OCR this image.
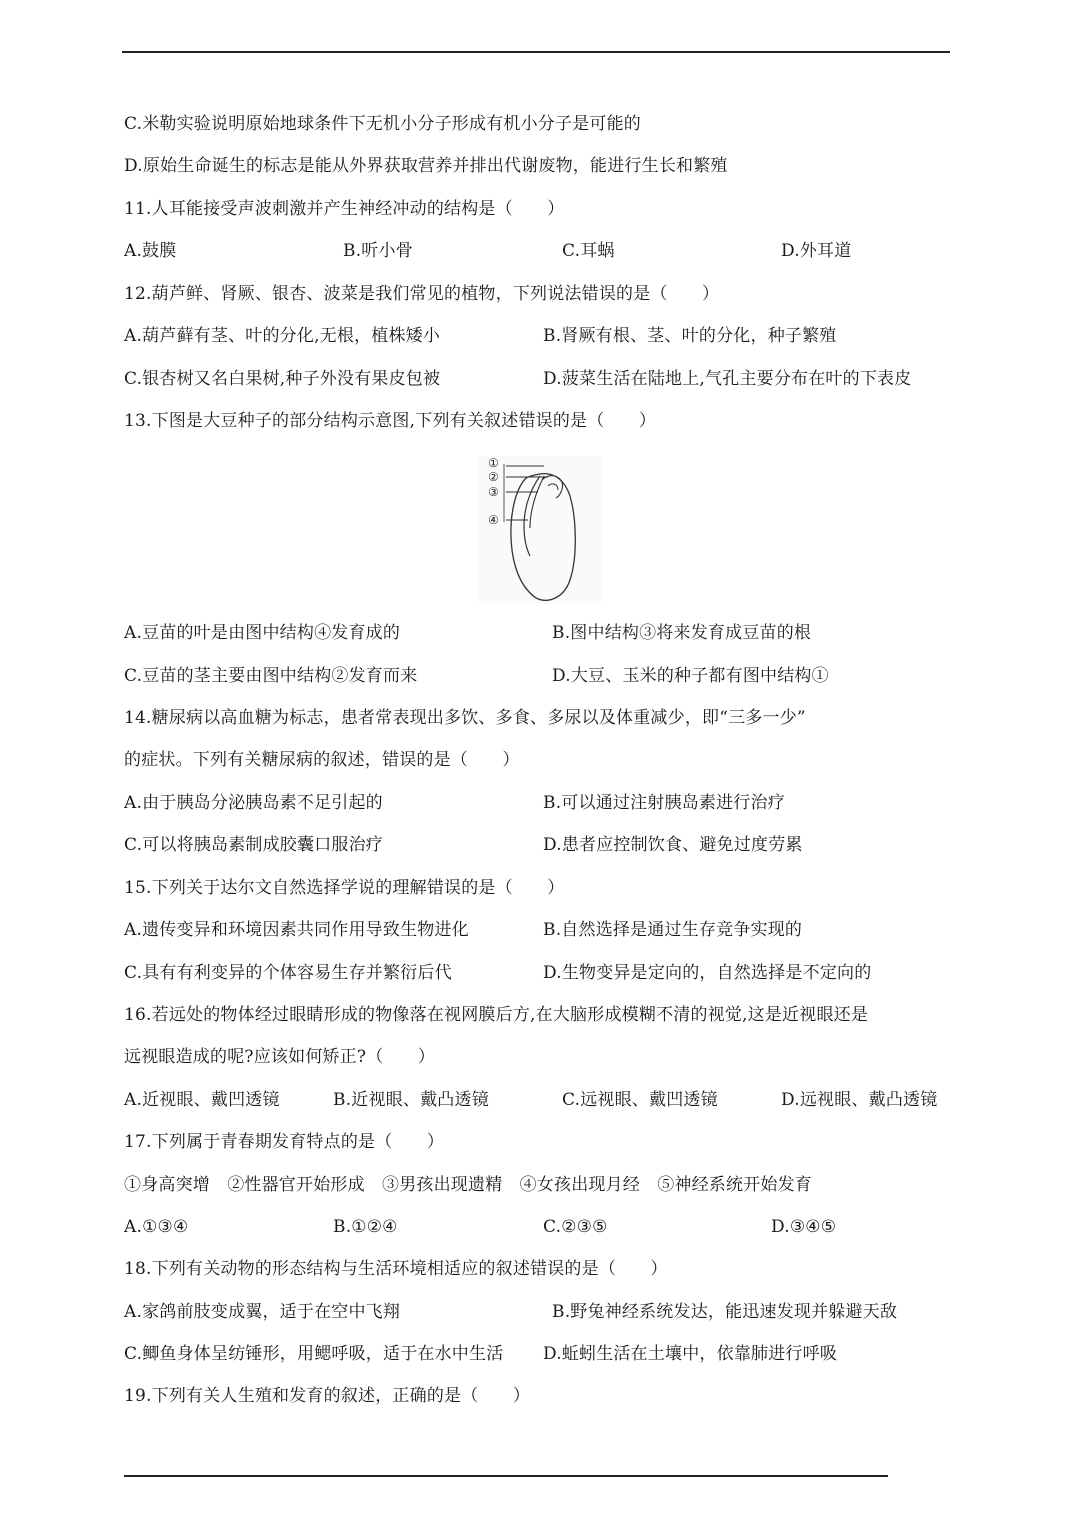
C.米勒实验说明原始地球条件下无机小分子形成有机小分子是可能的
D.原始生命诞生的标志是能从外界获取营养并排出代谢废物，能进行生长和繁殖
11.人耳能接受声波刺激并产生神经冲动的结构是（　　）
A.鼓膜	B.听小骨	C.耳蜗	D.外耳道
12.葫芦鲜、肾厥、银杏、波菜是我们常见的植物，下列说法错误的是（　　）
A.葫芦藓有茎、叶的分化,无根，植株矮小	B.肾厥有根、茎、叶的分化，种子繁殖
C.银杏树又名白果树,种子外没有果皮包被	D.菠菜生活在陆地上,气孔主要分布在叶的下表皮
13.下图是大豆种子的部分结构示意图,下列有关叙述错误的是（　　）
①
②
③
④
A.豆苗的叶是由图中结构④发育成的	B.图中结构③将来发育成豆苗的根
C.豆苗的茎主要由图中结构②发育而来	D.大豆、玉米的种子都有图中结构①
14.糖尿病以高血糖为标志，患者常表现出多饮、多食、多尿以及体重减少，即“三多一少”
的症状。下列有关糖尿病的叙述，错误的是（　　）
A.由于胰岛分泌胰岛素不足引起的	B.可以通过注射胰岛素进行治疗
C.可以将胰岛素制成胶囊口服治疗	D.患者应控制饮食、避免过度劳累
15.下列关于达尔文自然选择学说的理解错误的是（　　）
A.遗传变异和环境因素共同作用导致生物进化	B.自然选择是通过生存竞争实现的
C.具有有利变异的个体容易生存并繁衍后代	D.生物变异是定向的，自然选择是不定向的
16.若远处的物体经过眼睛形成的物像落在视网膜后方,在大脑形成模糊不清的视觉,这是近视眼还是
远视眼造成的呢?应该如何矫正?（　　）
A.近视眼、戴凹透镜	B.近视眼、戴凸透镜	C.远视眼、戴凹透镜	D.远视眼、戴凸透镜
17.下列属于青春期发育特点的是（　　）
①身高突增　②性器官开始形成　③男孩出现遗精　④女孩出现月经　⑤神经系统开始发育
A.①③④	B.①②④	C.②③⑤	D.③④⑤
18.下列有关动物的形态结构与生活环境相适应的叙述错误的是（　　）
A.家鸽前肢变成翼，适于在空中飞翔	B.野兔神经系统发达，能迅速发现并躲避天敌
C.鲫鱼身体呈纺锤形，用鳃呼吸，适于在水中生活 D.蚯蚓生活在土壤中，依靠肺进行呼吸
19.下列有关人生殖和发育的叙述，正确的是（　　）
